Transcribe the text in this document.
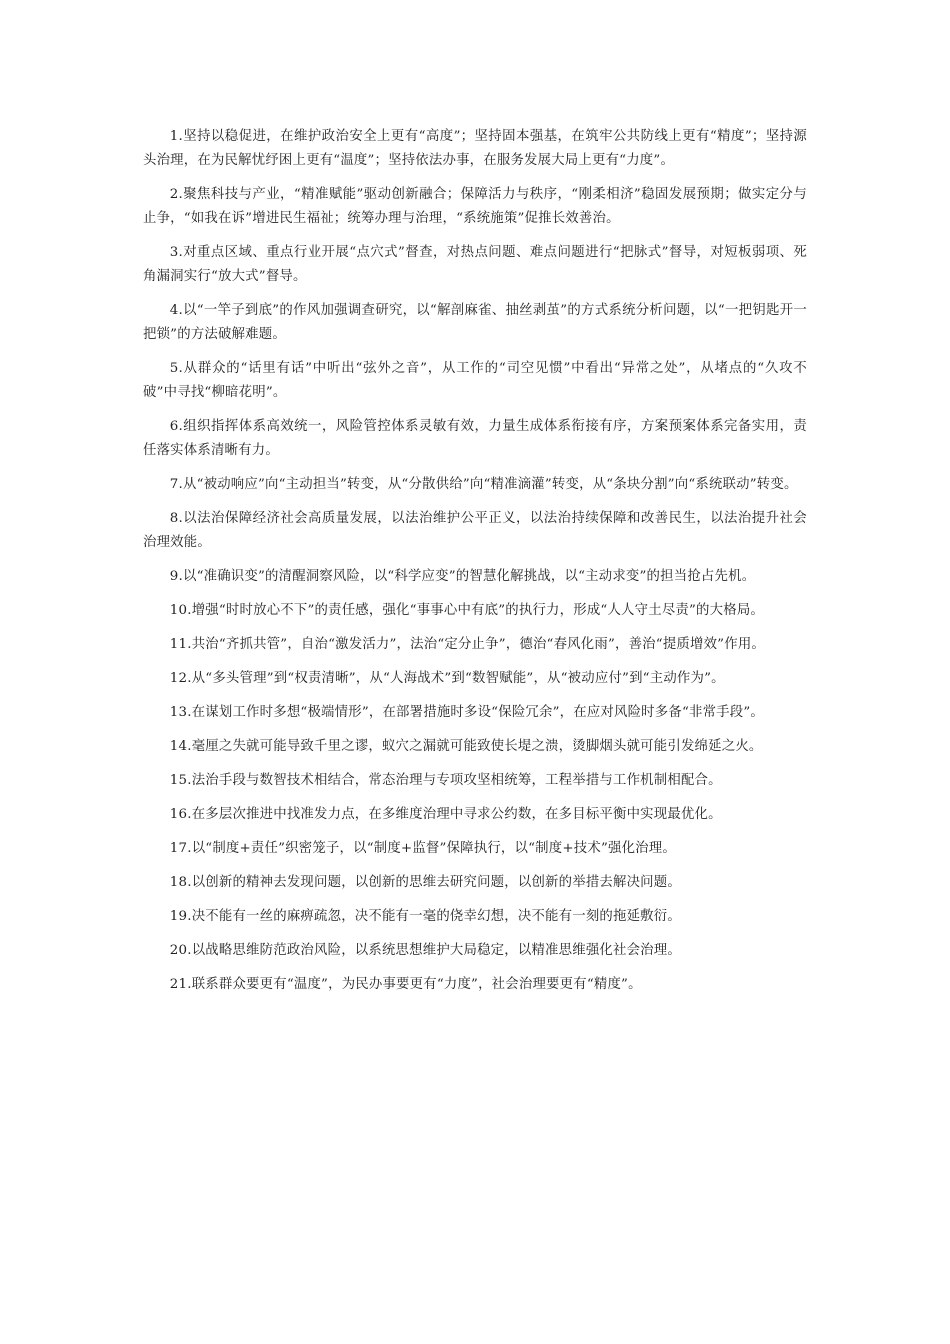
1.坚持以稳促进，在维护政治安全上更有“高度”；坚持固本强基，在筑牢公共防线上更有“精度”；坚持源头治理，在为民解忧纾困上更有“温度”；坚持依法办事，在服务发展大局上更有“力度”。

2.聚焦科技与产业，“精准赋能”驱动创新融合；保障活力与秩序，“刚柔相济”稳固发展预期；做实定分与止争，“如我在诉”增进民生福祉；统筹办理与治理，“系统施策”促推长效善治。

3.对重点区域、重点行业开展“点穴式”督查，对热点问题、难点问题进行“把脉式”督导，对短板弱项、死角漏洞实行“放大式”督导。

4.以“一竿子到底”的作风加强调查研究，以“解剖麻雀、抽丝剥茧”的方式系统分析问题，以“一把钥匙开一把锁”的方法破解难题。

5.从群众的“话里有话”中听出“弦外之音”，从工作的“司空见惯”中看出“异常之处”，从堵点的“久攻不破”中寻找“柳暗花明”。

6.组织指挥体系高效统一，风险管控体系灵敏有效，力量生成体系衔接有序，方案预案体系完备实用，责任落实体系清晰有力。

7.从“被动响应”向“主动担当”转变，从“分散供给”向“精准滴灌”转变，从“条块分割”向“系统联动”转变。

8.以法治保障经济社会高质量发展，以法治维护公平正义，以法治持续保障和改善民生，以法治提升社会治理效能。

9.以“准确识变”的清醒洞察风险，以“科学应变”的智慧化解挑战，以“主动求变”的担当抢占先机。

10.增强“时时放心不下”的责任感，强化“事事心中有底”的执行力，形成“人人守土尽责”的大格局。

11.共治“齐抓共管”，自治“激发活力”，法治“定分止争”，德治“春风化雨”，善治“提质增效”作用。

12.从“多头管理”到“权责清晰”，从“人海战术”到“数智赋能”，从“被动应付”到“主动作为”。

13.在谋划工作时多想“极端情形”，在部署措施时多设“保险冗余”，在应对风险时多备“非常手段”。

14.毫厘之失就可能导致千里之谬，蚁穴之漏就可能致使长堤之溃，烫脚烟头就可能引发绵延之火。

15.法治手段与数智技术相结合，常态治理与专项攻坚相统筹，工程举措与工作机制相配合。

16.在多层次推进中找准发力点，在多维度治理中寻求公约数，在多目标平衡中实现最优化。

17.以“制度+责任”织密笼子，以“制度+监督”保障执行，以“制度+技术”强化治理。

18.以创新的精神去发现问题，以创新的思维去研究问题，以创新的举措去解决问题。

19.决不能有一丝的麻痹疏忽，决不能有一毫的侥幸幻想，决不能有一刻的拖延敷衍。

20.以战略思维防范政治风险，以系统思想维护大局稳定，以精准思维强化社会治理。

21.联系群众要更有“温度”，为民办事要更有“力度”，社会治理要更有“精度”。
